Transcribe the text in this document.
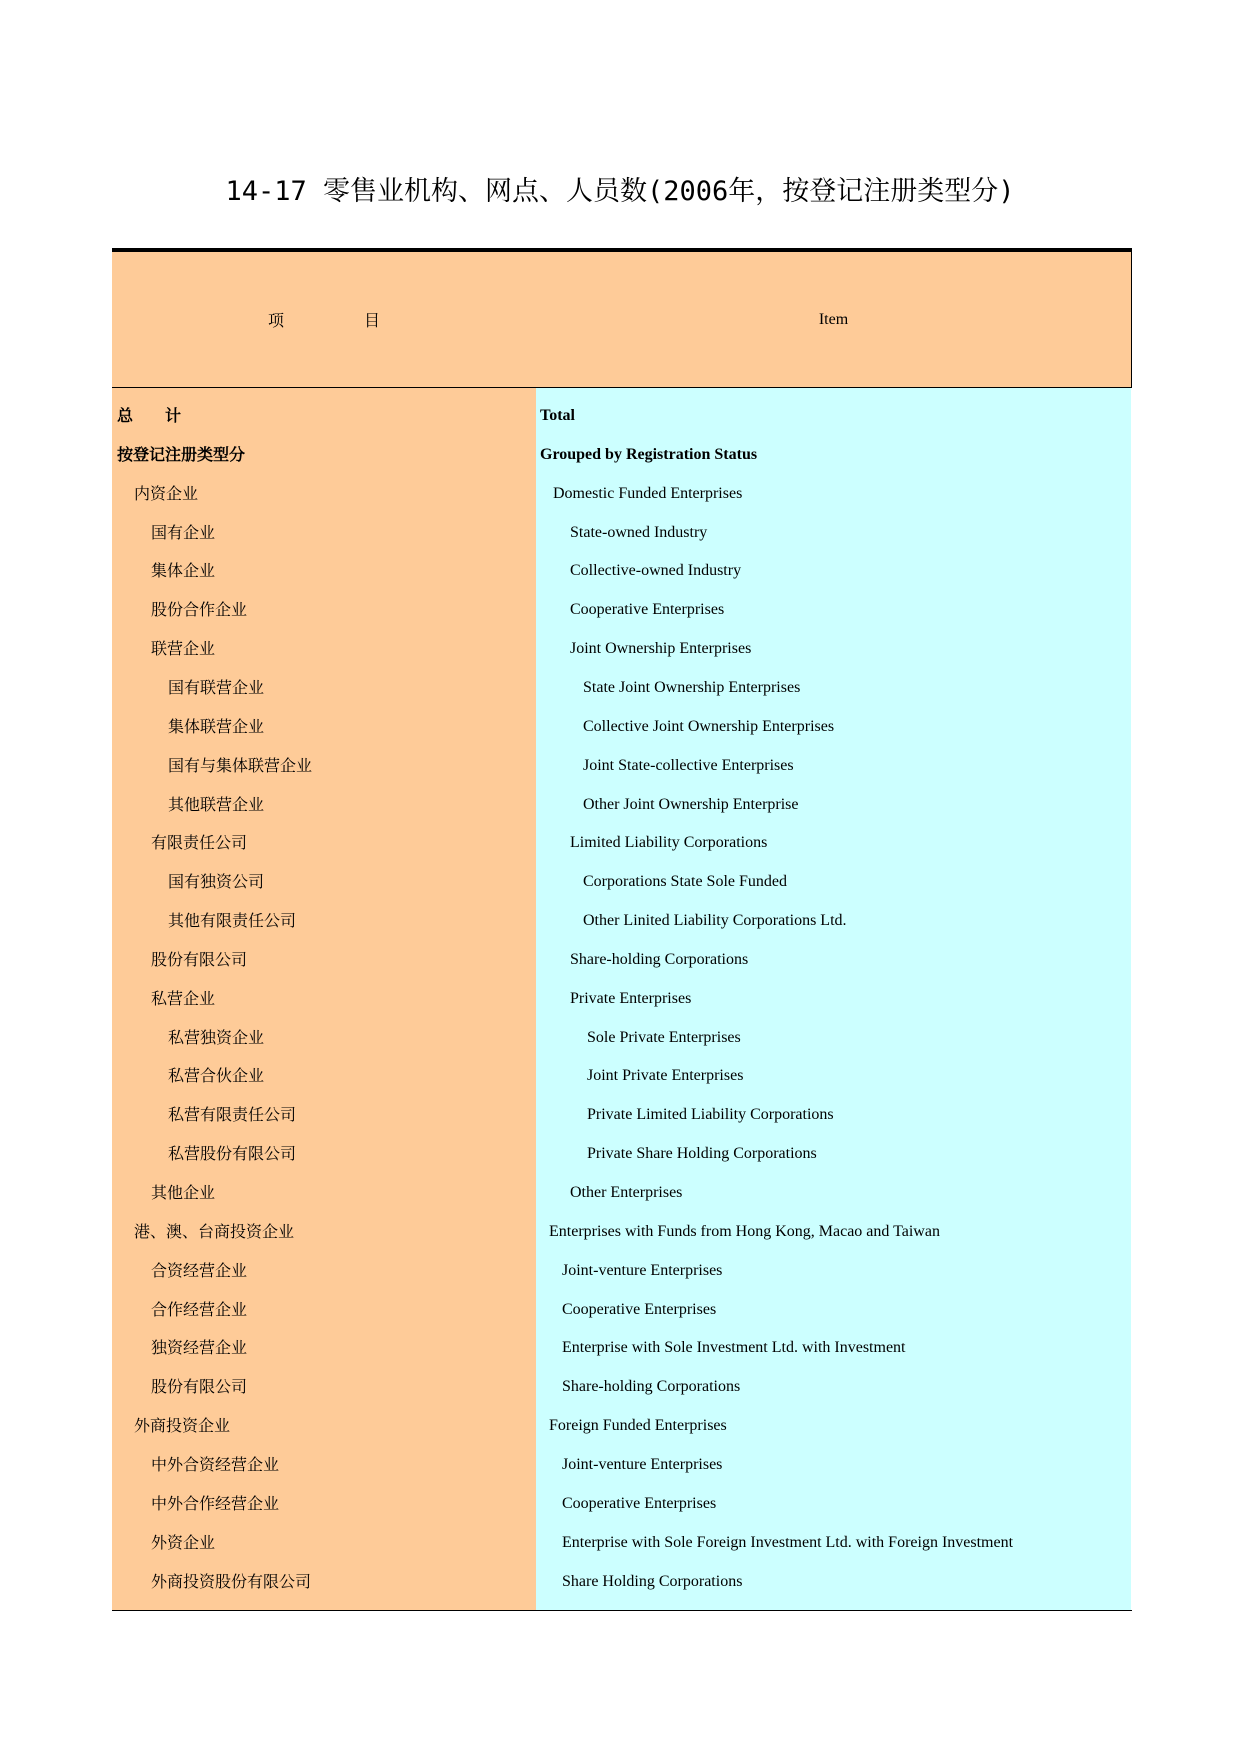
14-17 零售业机构、网点、人员数(2006年，按登记注册类型分)
项	目	Item
总　　计	Total
按登记注册类型分	Grouped by Registration Status
内资企业	Domestic Funded Enterprises
国有企业	State-owned Industry
集体企业	Collective-owned Industry
股份合作企业	Cooperative Enterprises
联营企业	Joint Ownership Enterprises
国有联营企业	State Joint Ownership Enterprises
集体联营企业	Collective Joint Ownership Enterprises
国有与集体联营企业	Joint State-collective Enterprises
其他联营企业	Other Joint Ownership Enterprise
有限责任公司	Limited Liability Corporations
国有独资公司	Corporations State Sole Funded
其他有限责任公司	Other Linited Liability Corporations Ltd.
股份有限公司	Share-holding Corporations
私营企业	Private Enterprises
私营独资企业	Sole Private Enterprises
私营合伙企业	Joint Private Enterprises
私营有限责任公司	Private Limited Liability Corporations
私营股份有限公司	Private Share Holding Corporations
其他企业	Other Enterprises
港、澳、台商投资企业	Enterprises with Funds from Hong Kong, Macao and Taiwan
合资经营企业	Joint-venture Enterprises
合作经营企业	Cooperative Enterprises
独资经营企业	Enterprise with Sole Investment Ltd. with Investment
股份有限公司	Share-holding Corporations
外商投资企业	Foreign Funded Enterprises
中外合资经营企业	Joint-venture Enterprises
中外合作经营企业	Cooperative Enterprises
外资企业	Enterprise with Sole Foreign Investment Ltd. with Foreign Investment
外商投资股份有限公司	Share Holding Corporations
